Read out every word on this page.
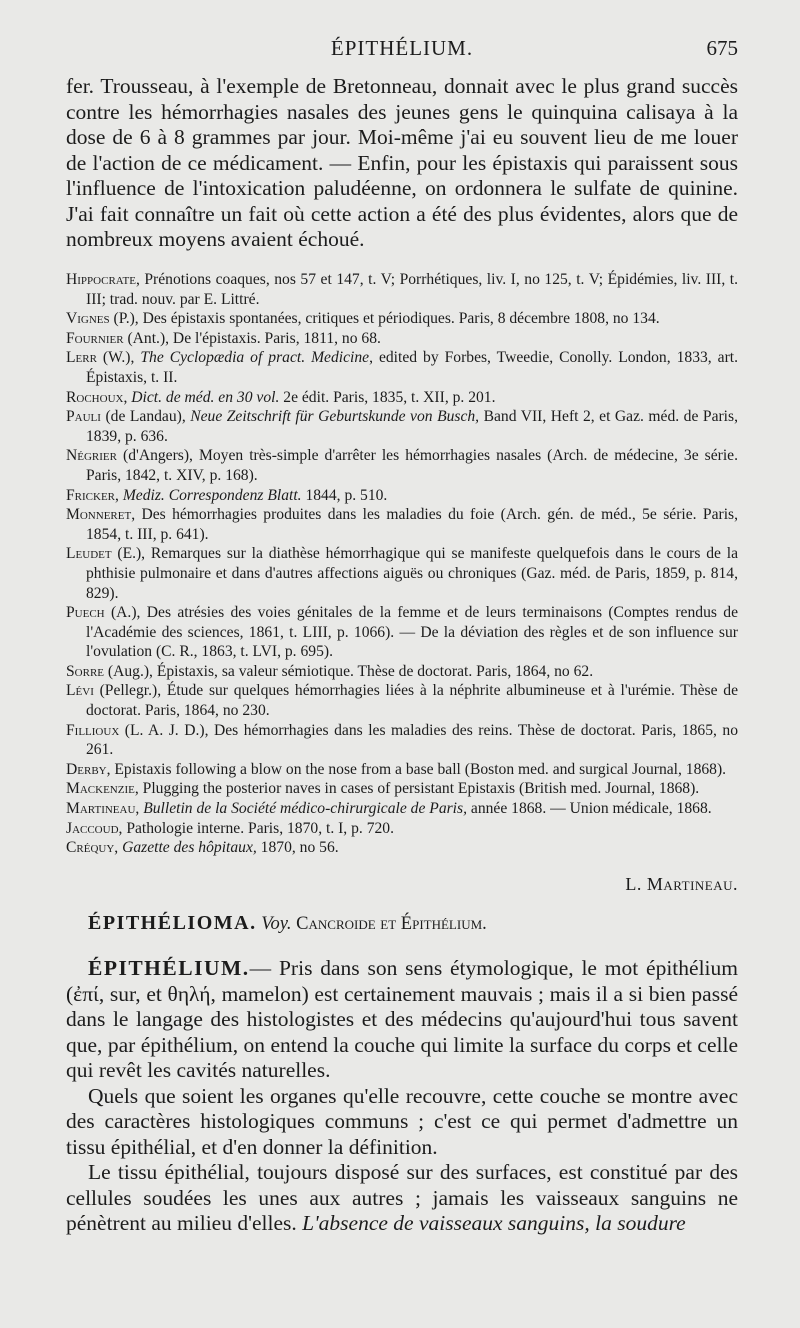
ÉPITHÉLIUM.	675

fer. Trousseau, à l'exemple de Bretonneau, donnait avec le plus grand succès contre les hémorrhagies nasales des jeunes gens le quinquina calisaya à la dose de 6 à 8 grammes par jour. Moi-même j'ai eu souvent lieu de me louer de l'action de ce médicament. — Enfin, pour les épistaxis qui paraissent sous l'influence de l'intoxication paludéenne, on ordonnera le sulfate de quinine. J'ai fait connaître un fait où cette action a été des plus évidentes, alors que de nombreux moyens avaient échoué.

Hippocrate, Prénotions coaques, nos 57 et 147, t. V; Porrhétiques, liv. I, no 125, t. V; Épidémies, liv. III, t. III; trad. nouv. par E. Littré.

Vignes (P.), Des épistaxis spontanées, critiques et périodiques. Paris, 8 décembre 1808, no 134.

Fournier (Ant.), De l'épistaxis. Paris, 1811, no 68.

Lerr (W.), The Cyclopædia of pract. Medicine, edited by Forbes, Tweedie, Conolly. London, 1833, art. Épistaxis, t. II.

Rochoux, Dict. de méd. en 30 vol. 2e édit. Paris, 1835, t. XII, p. 201.

Pauli (de Landau), Neue Zeitschrift für Geburtskunde von Busch, Band VII, Heft 2, et Gaz. méd. de Paris, 1839, p. 636.

Négrier (d'Angers), Moyen très-simple d'arrêter les hémorrhagies nasales (Arch. de médecine, 3e série. Paris, 1842, t. XIV, p. 168).

Fricker, Mediz. Correspondenz Blatt. 1844, p. 510.

Monneret, Des hémorrhagies produites dans les maladies du foie (Arch. gén. de méd., 5e série. Paris, 1854, t. III, p. 641).

Leudet (E.), Remarques sur la diathèse hémorrhagique qui se manifeste quelquefois dans le cours de la phthisie pulmonaire et dans d'autres affections aiguës ou chroniques (Gaz. méd. de Paris, 1859, p. 814, 829).

Puech (A.), Des atrésies des voies génitales de la femme et de leurs terminaisons (Comptes rendus de l'Académie des sciences, 1861, t. LIII, p. 1066). — De la déviation des règles et de son influence sur l'ovulation (C. R., 1863, t. LVI, p. 695).

Sorre (Aug.), Épistaxis, sa valeur sémiotique. Thèse de doctorat. Paris, 1864, no 62.

Lévi (Pellegr.), Étude sur quelques hémorrhagies liées à la néphrite albumineuse et à l'urémie. Thèse de doctorat. Paris, 1864, no 230.

Fillioux (L. A. J. D.), Des hémorrhagies dans les maladies des reins. Thèse de doctorat. Paris, 1865, no 261.

Derby, Epistaxis following a blow on the nose from a base ball (Boston med. and surgical Journal, 1868).

Mackenzie, Plugging the posterior naves in cases of persistant Epistaxis (British med. Journal, 1868).

Martineau, Bulletin de la Société médico-chirurgicale de Paris, année 1868. — Union médicale, 1868.

Jaccoud, Pathologie interne. Paris, 1870, t. I, p. 720.

Créquy, Gazette des hôpitaux, 1870, no 56.

L. Martineau.
ÉPITHÉLIOMA. Voy. Cancroide et Épithélium.

ÉPITHÉLIUM.— Pris dans son sens étymologique, le mot épithélium (ἐπί, sur, et θηλή, mamelon) est certainement mauvais ; mais il a si bien passé dans le langage des histologistes et des médecins qu'aujourd'hui tous savent que, par épithélium, on entend la couche qui limite la surface du corps et celle qui revêt les cavités naturelles.

Quels que soient les organes qu'elle recouvre, cette couche se montre avec des caractères histologiques communs ; c'est ce qui permet d'admettre un tissu épithélial, et d'en donner la définition.

Le tissu épithélial, toujours disposé sur des surfaces, est constitué par des cellules soudées les unes aux autres ; jamais les vaisseaux sanguins ne pénètrent au milieu d'elles. L'absence de vaisseaux sanguins, la soudure
